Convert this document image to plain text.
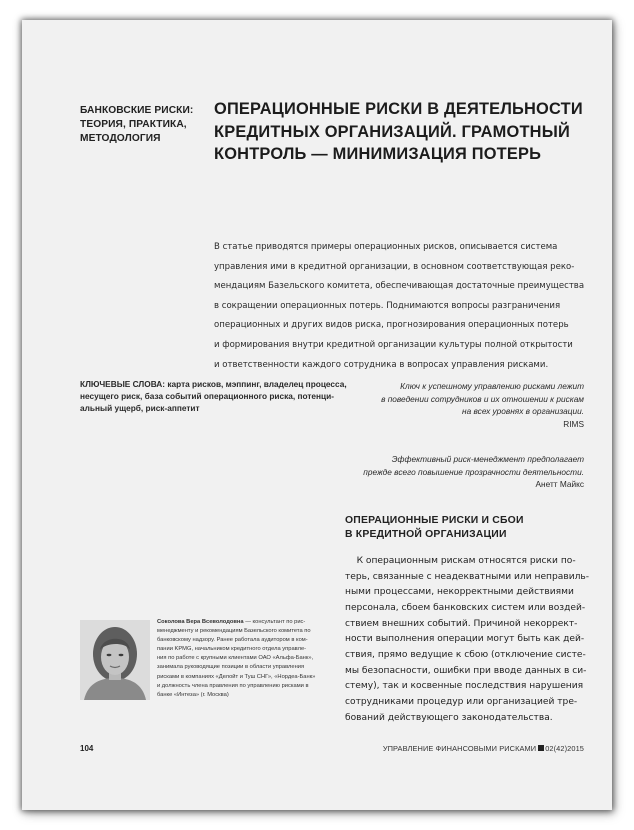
БАНКОВСКИЕ РИСКИ:
ТЕОРИЯ, ПРАКТИКА,
МЕТОДОЛОГИЯ
ОПЕРАЦИОННЫЕ РИСКИ В ДЕЯТЕЛЬНОСТИ
КРЕДИТНЫХ ОРГАНИЗАЦИЙ. ГРАМОТНЫЙ
КОНТРОЛЬ — МИНИМИЗАЦИЯ ПОТЕРЬ
В статье приводятся примеры операционных рисков, описывается система
управления ими в кредитной организации, в основном соответствующая реко-
мендациям Базельского комитета, обеспечивающая достаточные преимущества
в сокращении операционных потерь. Поднимаются вопросы разграничения
операционных и других видов риска, прогнозирования операционных потерь
и формирования внутри кредитной организации культуры полной открытости
и ответственности каждого сотрудника в вопросах управления рисками.
КЛЮЧЕВЫЕ СЛОВА: карта рисков, мэппинг, владелец процесса,
несущего риск, база событий операционного риска, потенци-
альный ущерб, риск-аппетит
Ключ к успешному управлению рисками лежит
в поведении сотрудников и их отношении к рискам
на всех уровнях в организации.
RIMS
Эффективный риск-менеджмент предполагает
прежде всего повышение прозрачности деятельности.
Анетт Майкс
ОПЕРАЦИОННЫЕ РИСКИ И СБОИ
В КРЕДИТНОЙ ОРГАНИЗАЦИИ
К операционным рискам относятся риски по-
терь, связанные с неадекватными или неправиль-
ными процессами, некорректными действиями
персонала, сбоем банковских систем или воздей-
ствием внешних событий. Причиной некоррект-
ности выполнения операции могут быть как дей-
ствия, прямо ведущие к сбою (отключение систе-
мы безопасности, ошибки при вводе данных в си-
стему), так и косвенные последствия нарушения
сотрудниками процедур или организацией тре-
бований действующего законодательства.
Соколова Вера Всеволодовна — консультант по рис-
менеджменту и рекомендациям Базельского комитета по
банковскому надзору. Ранее работала аудитором в ком-
пании KPMG, начальником кредитного отдела управле-
ния по работе с крупными клиентами ОАО «Альфа-Банк»,
занимала руководящие позиции в области управления
рисками в компаниях «Делойт и Туш СНГ», «Нордеа-Банк»
и должность члена правления по управлению рисками в
банке «Интеза» (г. Москва)
104	УПРАВЛЕНИЕ ФИНАНСОВЫМИ РИСКАМИ 02(42)2015
